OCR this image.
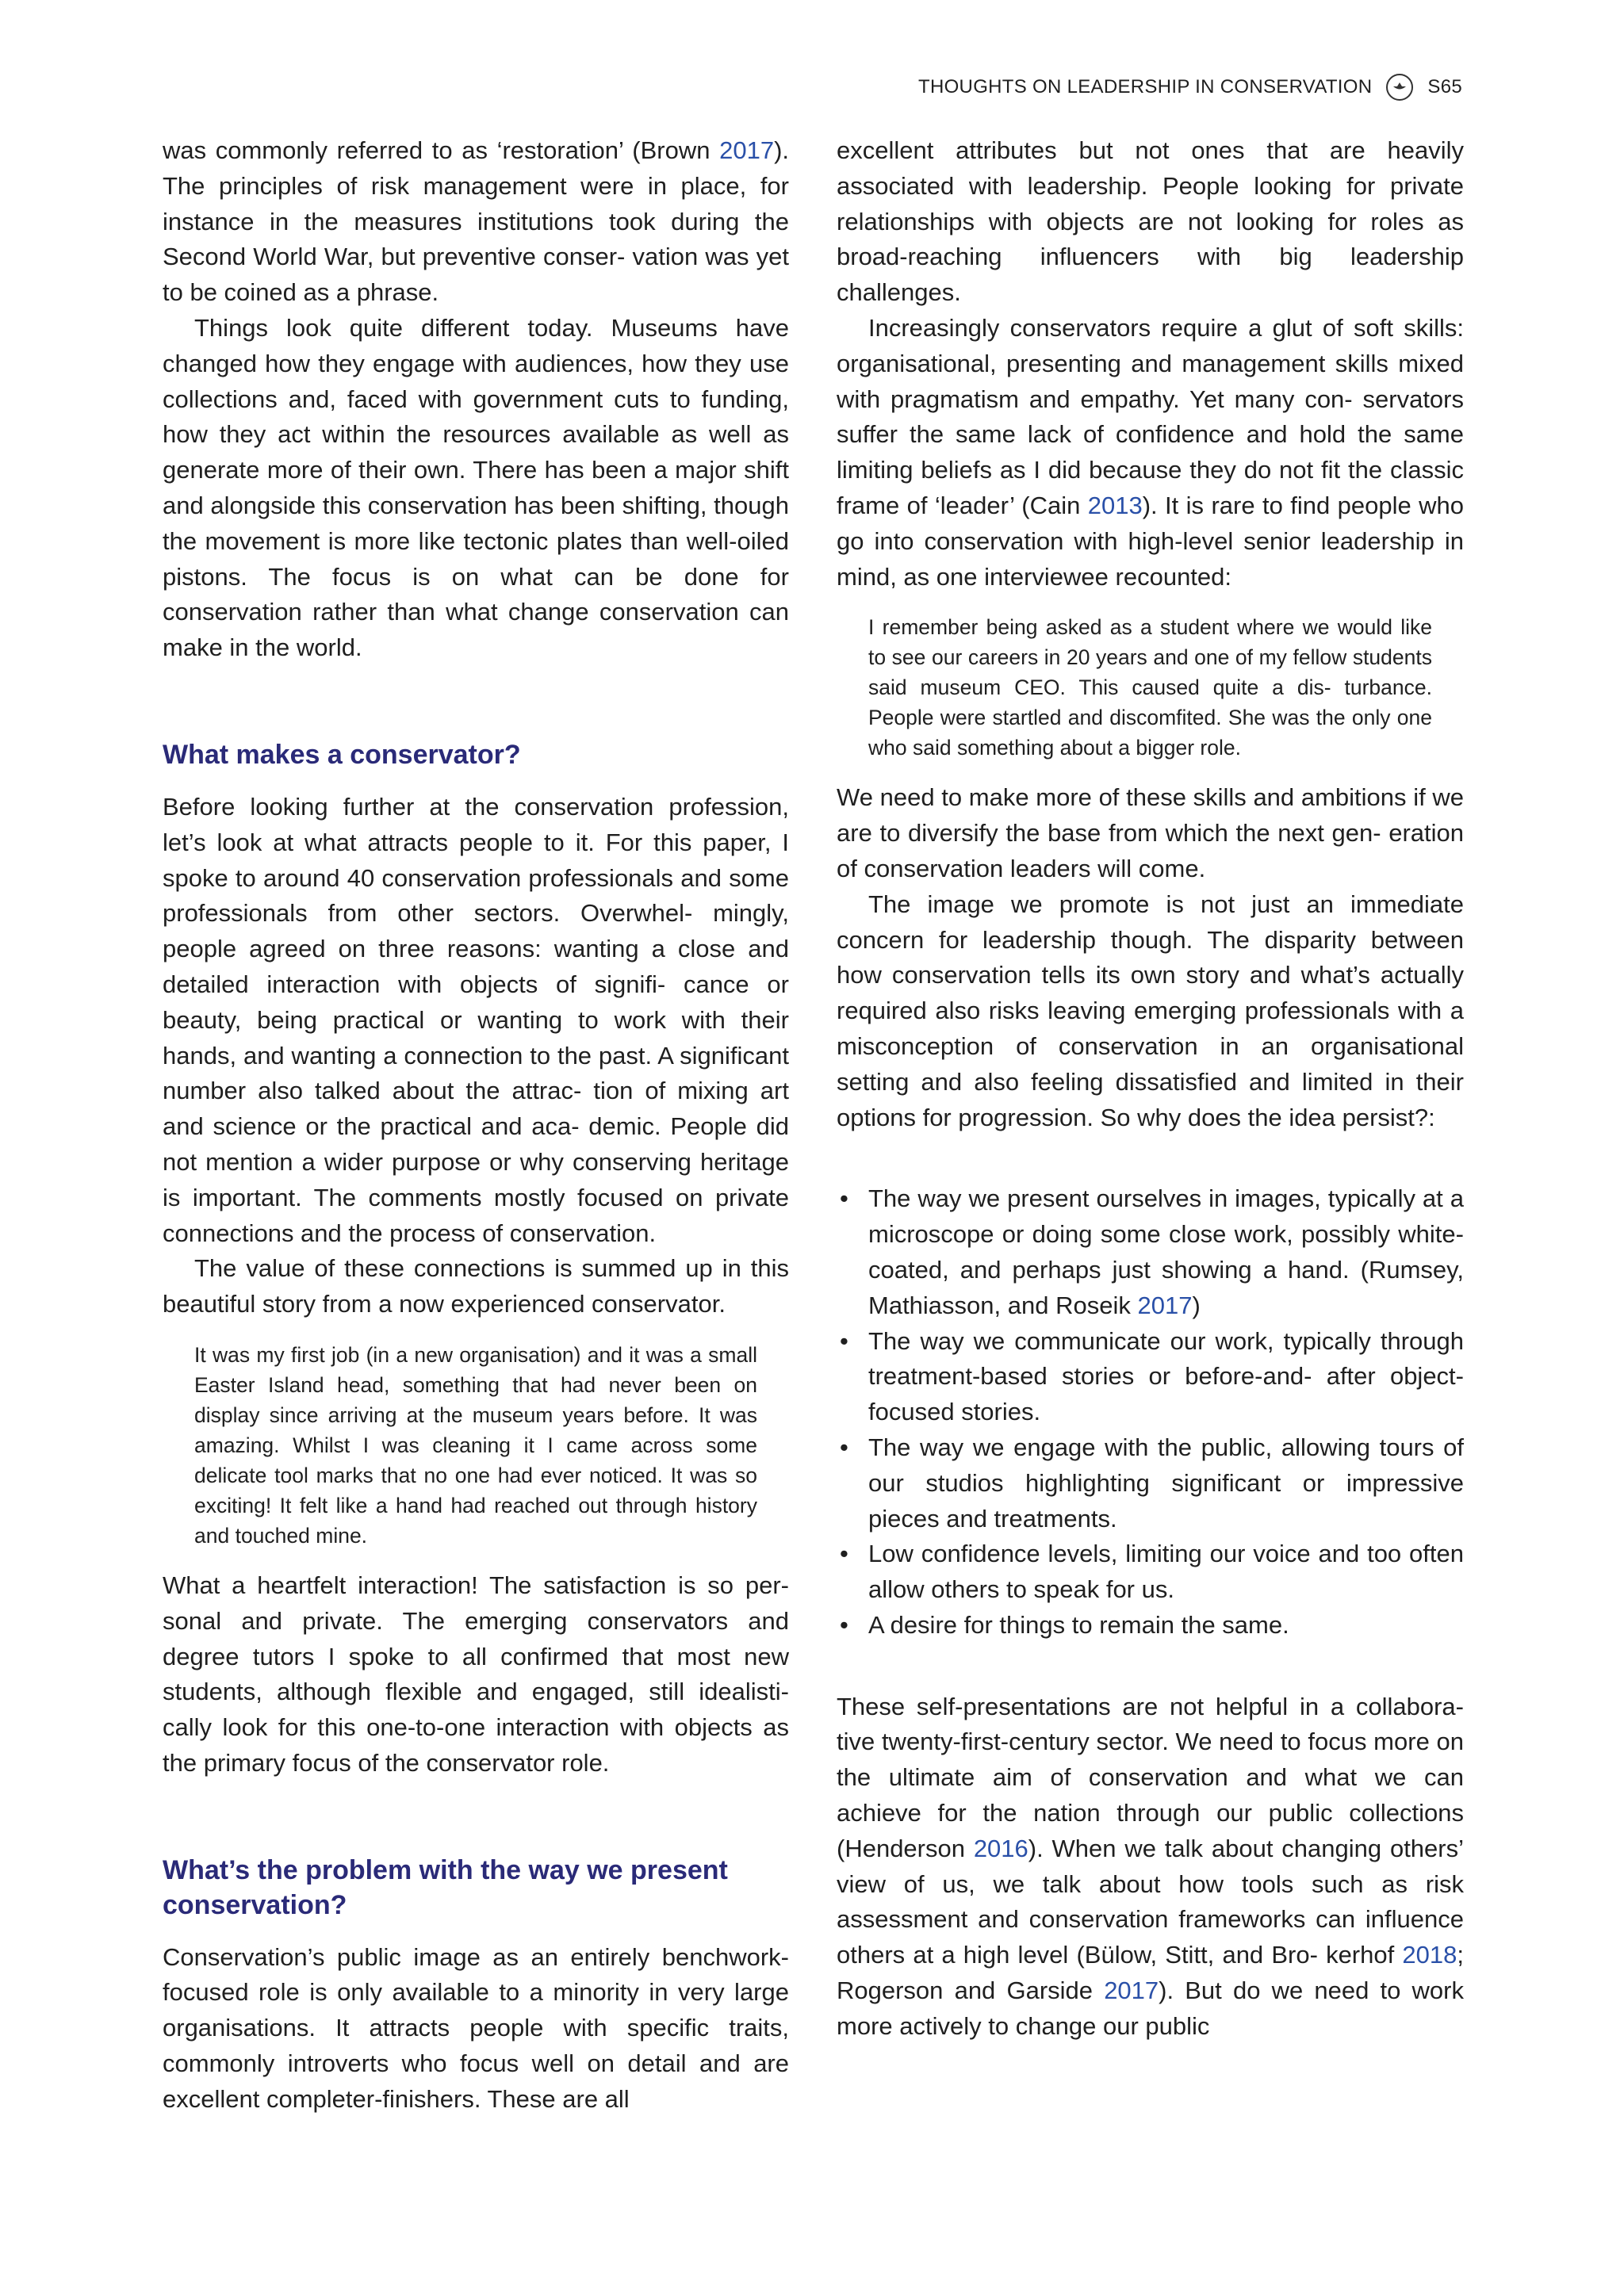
THOUGHTS ON LEADERSHIP IN CONSERVATION	S65

was commonly referred to as ‘restoration’ (Brown 2017). The principles of risk management were in place, for instance in the measures institutions took during the Second World War, but preventive conser- vation was yet to be coined as a phrase.

Things look quite different today. Museums have changed how they engage with audiences, how they use collections and, faced with government cuts to funding, how they act within the resources available as well as generate more of their own. There has been a major shift and alongside this conservation has been shifting, though the movement is more like tectonic plates than well-oiled pistons. The focus is on what can be done for conservation rather than what change conservation can make in the world.

What makes a conservator?

Before looking further at the conservation profession, let’s look at what attracts people to it. For this paper, I spoke to around 40 conservation professionals and some professionals from other sectors. Overwhel- mingly, people agreed on three reasons: wanting a close and detailed interaction with objects of signifi- cance or beauty, being practical or wanting to work with their hands, and wanting a connection to the past. A significant number also talked about the attrac- tion of mixing art and science or the practical and aca- demic. People did not mention a wider purpose or why conserving heritage is important. The comments mostly focused on private connections and the process of conservation.

The value of these connections is summed up in this beautiful story from a now experienced conservator.

It was my first job (in a new organisation) and it was a small Easter Island head, something that had never been on display since arriving at the museum years before. It was amazing. Whilst I was cleaning it I came across some delicate tool marks that no one had ever noticed. It was so exciting! It felt like a hand had reached out through history and touched mine.

What a heartfelt interaction! The satisfaction is so per- sonal and private. The emerging conservators and degree tutors I spoke to all confirmed that most new students, although flexible and engaged, still idealisti- cally look for this one-to-one interaction with objects as the primary focus of the conservator role.

What’s the problem with the way we present conservation?

Conservation’s public image as an entirely benchwork- focused role is only available to a minority in very large organisations. It attracts people with specific traits, commonly introverts who focus well on detail and are excellent completer-finishers. These are all

excellent attributes but not ones that are heavily associated with leadership. People looking for private relationships with objects are not looking for roles as broad-reaching influencers with big leadership challenges.

Increasingly conservators require a glut of soft skills: organisational, presenting and management skills mixed with pragmatism and empathy. Yet many con- servators suffer the same lack of confidence and hold the same limiting beliefs as I did because they do not fit the classic frame of ‘leader’ (Cain 2013). It is rare to find people who go into conservation with high-level senior leadership in mind, as one interviewee recounted:

I remember being asked as a student where we would like to see our careers in 20 years and one of my fellow students said museum CEO. This caused quite a dis- turbance. People were startled and discomfited. She was the only one who said something about a bigger role.

We need to make more of these skills and ambitions if we are to diversify the base from which the next gen- eration of conservation leaders will come.

The image we promote is not just an immediate concern for leadership though. The disparity between how conservation tells its own story and what’s actually required also risks leaving emerging professionals with a misconception of conservation in an organisational setting and also feeling dissatisfied and limited in their options for progression. So why does the idea persist?:

• The way we present ourselves in images, typically at a microscope or doing some close work, possibly white-coated, and perhaps just showing a hand. (Rumsey, Mathiasson, and Roseik 2017)
• The way we communicate our work, typically through treatment-based stories or before-and- after object-focused stories.
• The way we engage with the public, allowing tours of our studios highlighting significant or impressive pieces and treatments.
• Low confidence levels, limiting our voice and too often allow others to speak for us.
• A desire for things to remain the same.

These self-presentations are not helpful in a collabora- tive twenty-first-century sector. We need to focus more on the ultimate aim of conservation and what we can achieve for the nation through our public collections (Henderson 2016). When we talk about changing others’ view of us, we talk about how tools such as risk assessment and conservation frameworks can influence others at a high level (Bülow, Stitt, and Bro- kerhof 2018; Rogerson and Garside 2017). But do we need to work more actively to change our public
